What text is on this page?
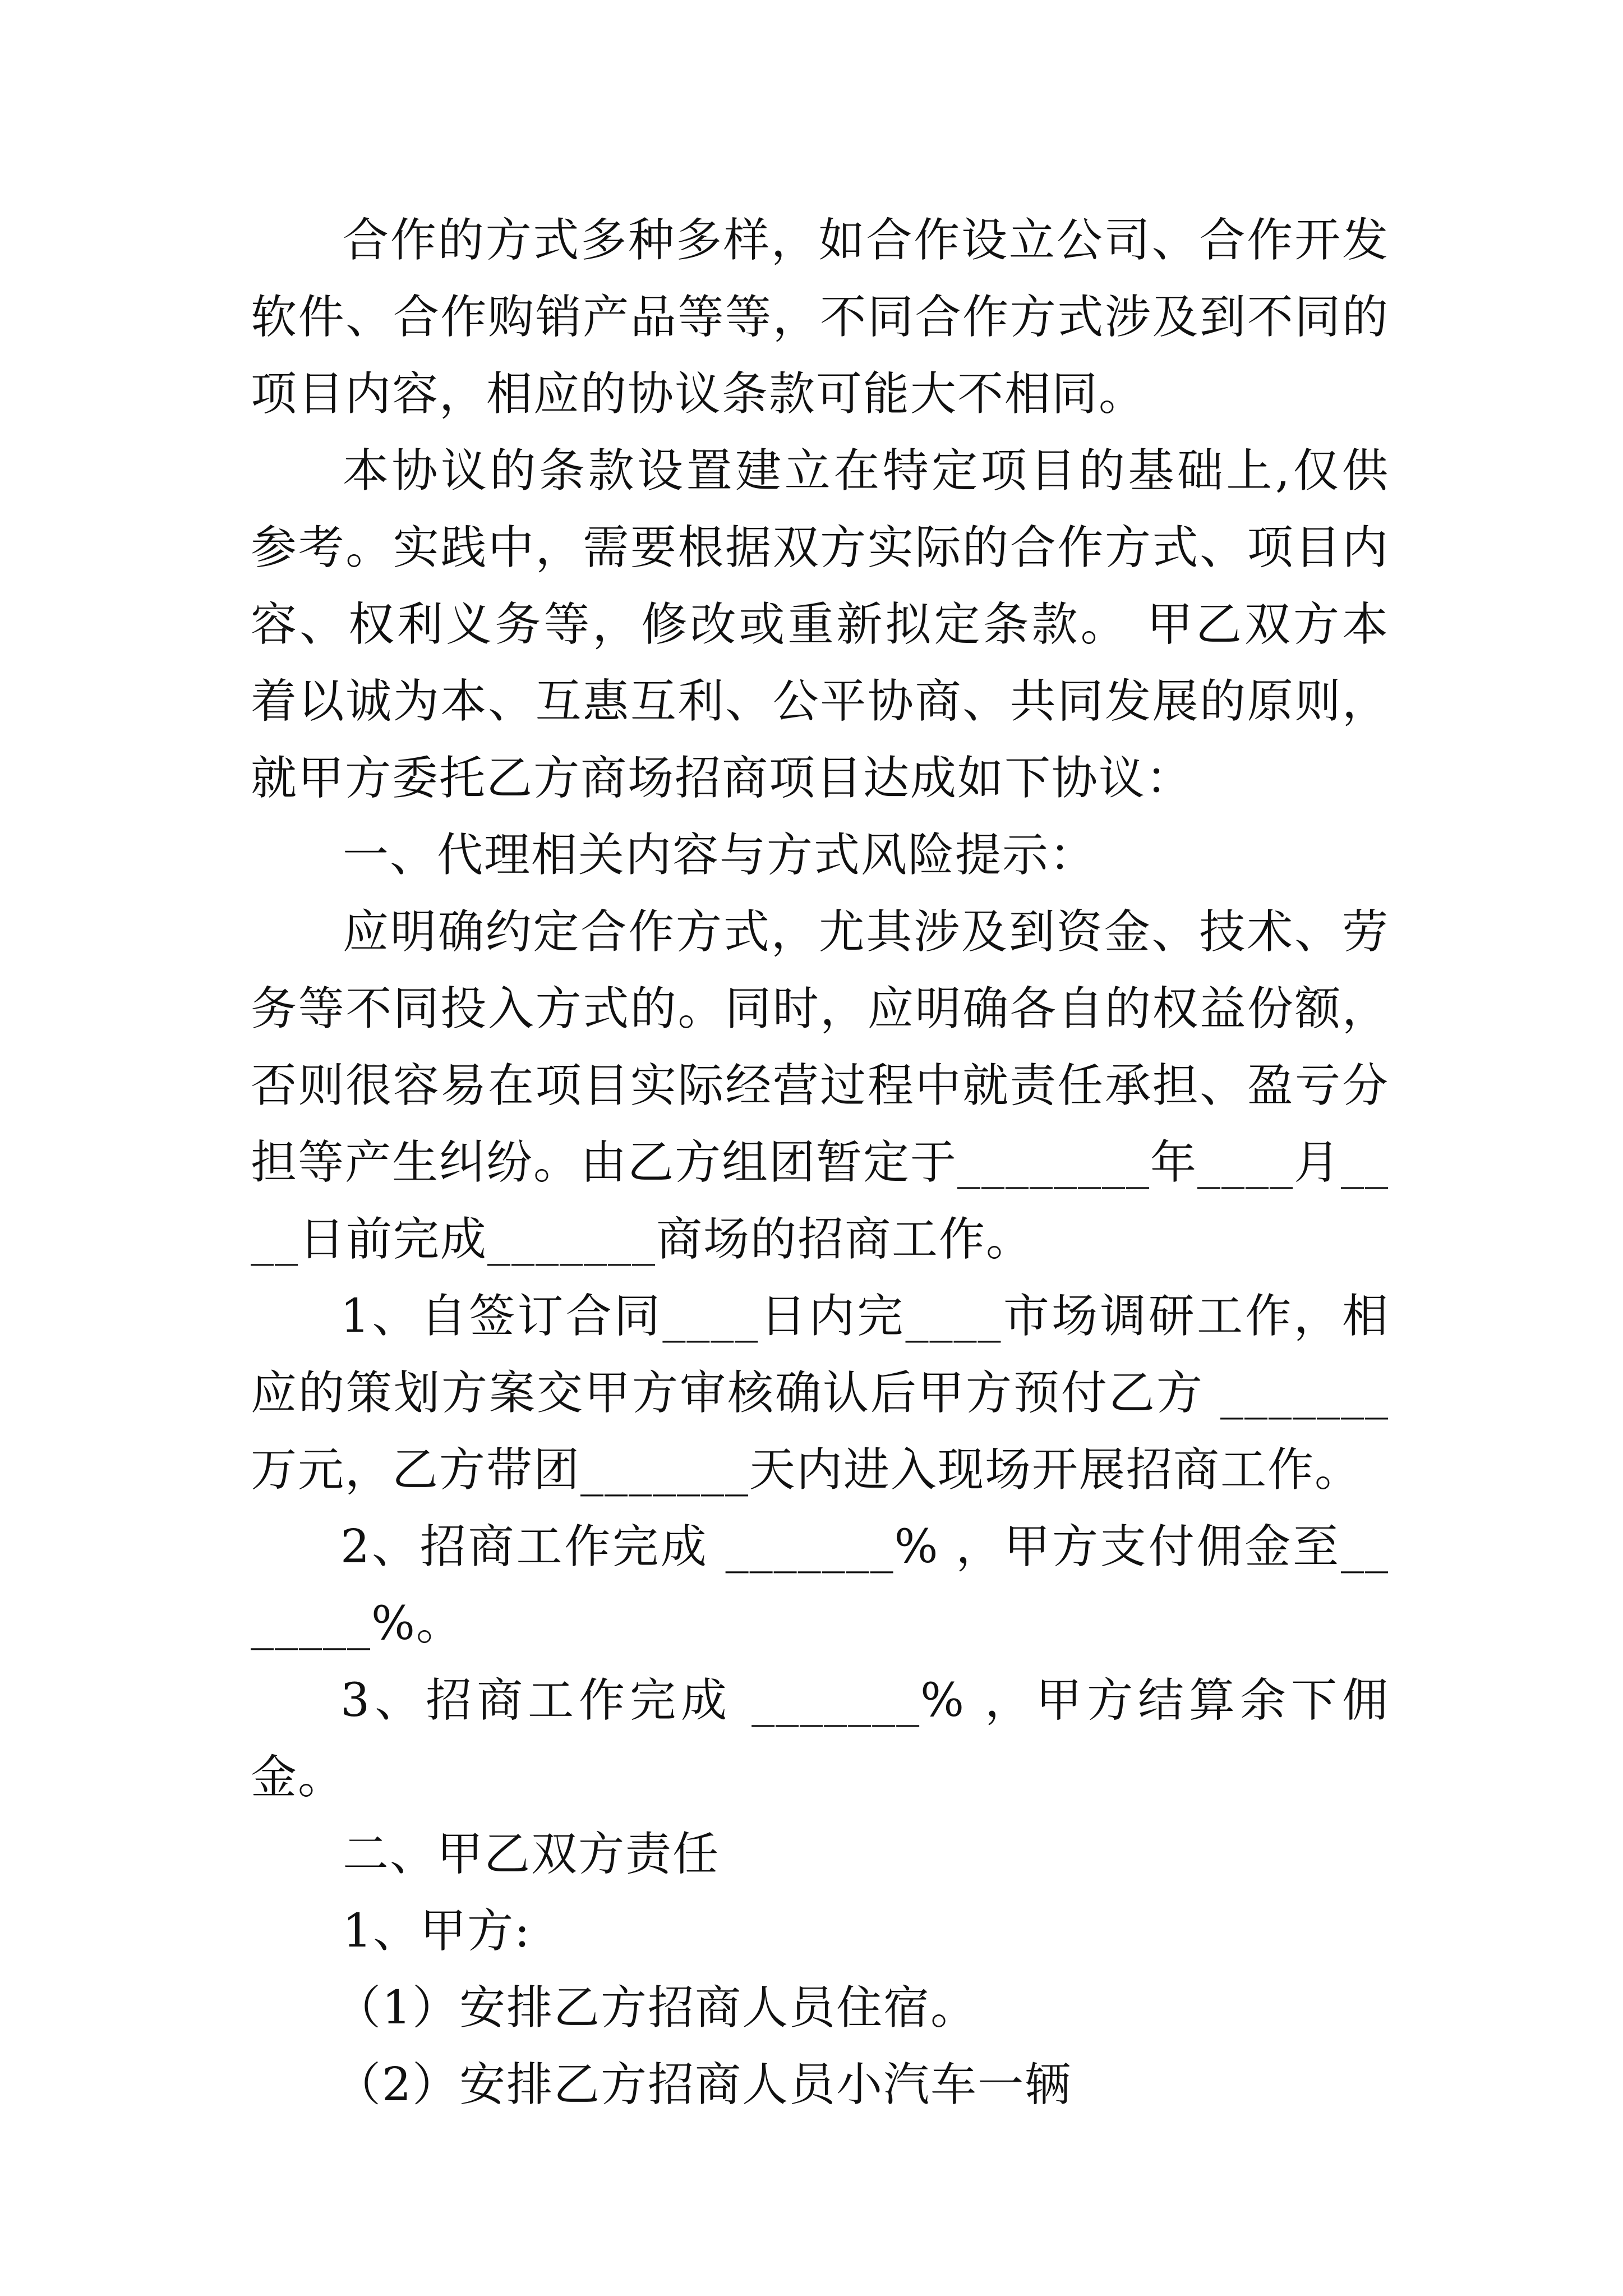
合作的方式多种多样，如合作设立公司、合作开发软件、合作购销产品等等，不同合作方式涉及到不同的项目内容，相应的协议条款可能大不相同。

本协议的条款设置建立在特定项目的基础上,仅供参考。实践中，需要根据双方实际的合作方式、项目内容、权利义务等，修改或重新拟定条款。 甲乙双方本着以诚为本、互惠互利、公平协商、共同发展的原则，就甲方委托乙方商场招商项目达成如下协议：

一、代理相关内容与方式风险提示：

应明确约定合作方式，尤其涉及到资金、技术、劳务等不同投入方式的。同时，应明确各自的权益份额，否则很容易在项目实际经营过程中就责任承担、盈亏分担等产生纠纷。由乙方组团暂定于________年____月____日前完成_______商场的招商工作。

1、自签订合同____日内完____市场调研工作，相应的策划方案交甲方审核确认后甲方预付乙方 _______万元，乙方带团_______天内进入现场开展招商工作。

2、招商工作完成 _______% ，甲方支付佣金至_______%。

3、招商工作完成 _______% ，甲方结算余下佣金。

二、甲乙双方责任

1、甲方:

（1）安排乙方招商人员住宿。

（2）安排乙方招商人员小汽车一辆
